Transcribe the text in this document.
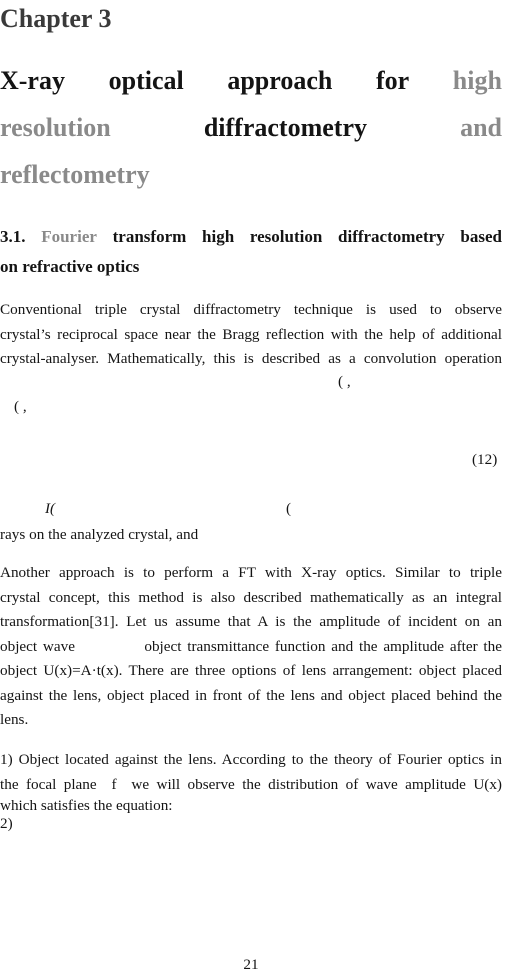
Chapter 3
X-ray optical approach for high
resolution	diffractometry	and
reflectometry
3.1. Fourier transform high resolution diffractometry based
on refractive optics
Conventional triple crystal diffractometry technique is used to observe
crystal’s reciprocal space near the Bragg reflection with the help of additional
crystal-analyser. Mathematically, this is described as a convolution operation
( ,
( ,
(12)
I(	(
rays on the analyzed crystal, and
Another approach is to perform a FT with X-ray optics. Similar to triple
crystal concept, this method is also described mathematically as an integral
transformation[31]. Let us assume that A is the amplitude of incident on an
object wave            object transmittance function and the amplitude after the
object U(x)=A·t(x). There are three options of lens arrangement: object placed
against the lens, object placed in front of the lens and object placed behind the
lens.
1) Object located against the lens. According to the theory of Fourier optics in
the focal plane  f  we will observe the distribution of wave amplitude U(x)
which satisfies the equation:
2)
21
